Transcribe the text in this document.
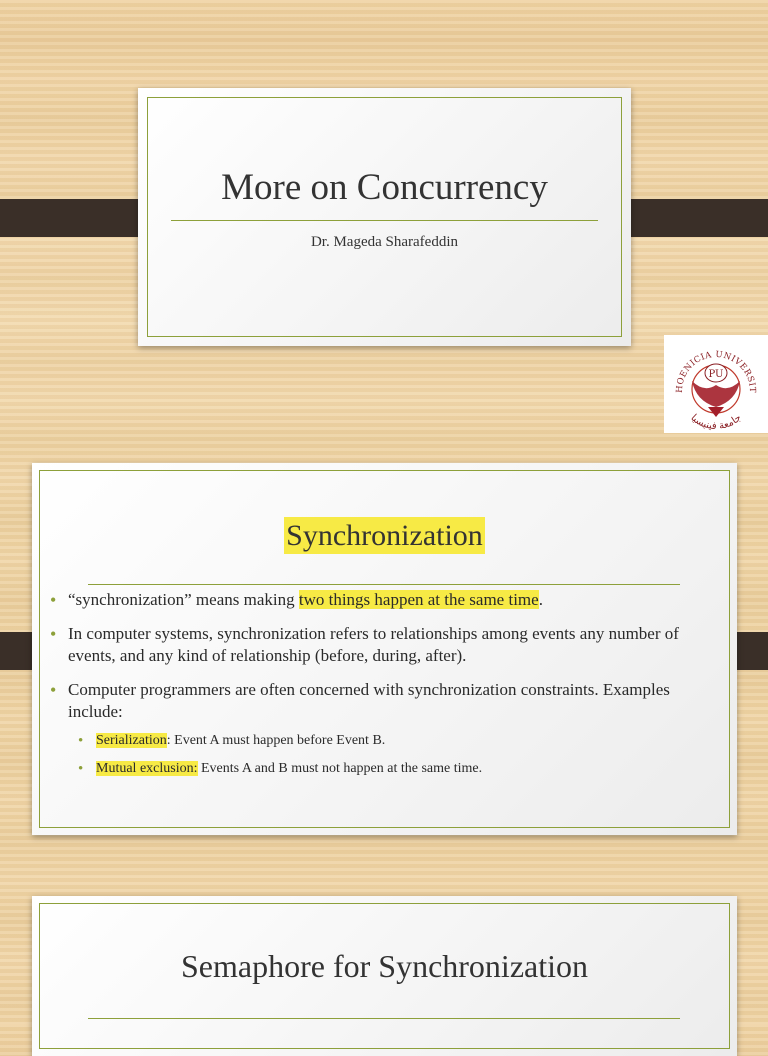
More on Concurrency
Dr. Mageda Sharafeddin
HOENICIA UNIVERSIT
جامعة فينيسيا
PU
Synchronization
• “synchronization” means making two things happen at the same time.
• In computer systems, synchronization refers to relationships among events any number of events, and any kind of relationship (before, during, after).
• Computer programmers are often concerned with synchronization constraints. Examples include:
• Serialization: Event A must happen before Event B.
• Mutual exclusion: Events A and B must not happen at the same time.
Semaphore for Synchronization
